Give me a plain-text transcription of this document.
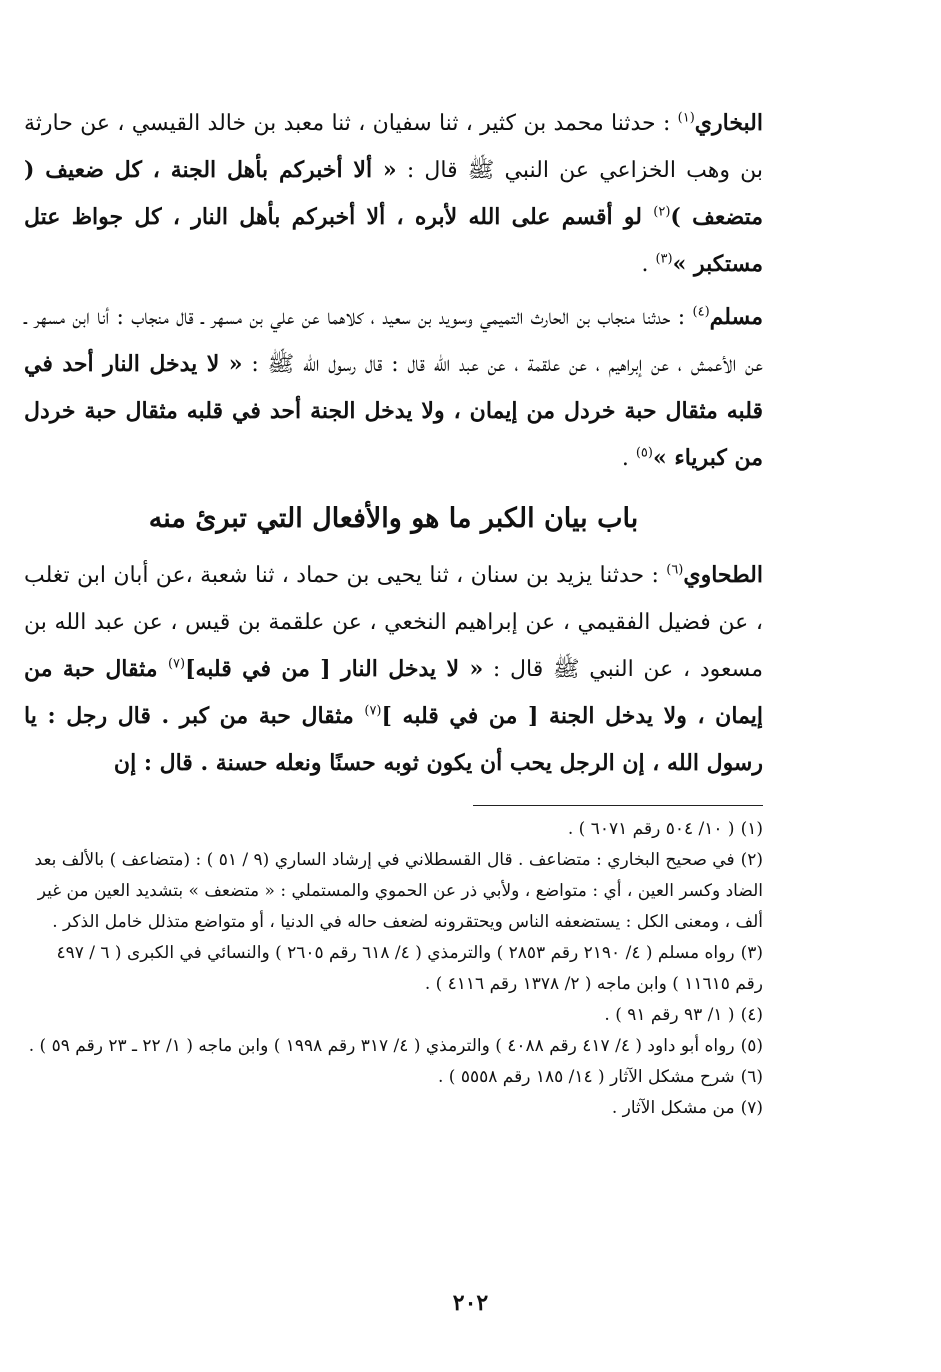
البخاري$^{(١)}$ : حدثنا محمد بن كثير ، ثنا سفيان ، ثنا معبد بن خالد القيسي ، عن حارثة بن وهب الخزاعي عن النبي ﷺ قال : « ألا أخبركم بأهل الجنة ، كل ضعيف ( متضعف )$^{(٢)}$ لو أقسم على الله لأبره ، ألا أخبركم بأهل النار ، كل جواظ عتل مستكبر »$^{(٣)}$ .

مسلم$^{(٤)}$ : حدثنا منجاب بن الحارث التميمي وسويد بن سعيد ، كلاهما عن علي بن مسهر ـ قال منجاب : أنا ابن مسهر ـ عن الأعمش ، عن إبراهيم ، عن علقمة ، عن عبد الله قال : قال رسول الله ﷺ : « لا يدخل النار أحد في قلبه مثقال حبة خردل من إيمان ، ولا يدخل الجنة أحد في قلبه مثقال حبة خردل من كبرياء »$^{(٥)}$ .

باب بيان الكبر ما هو والأفعال التي تبرئ منه

الطحاوي$^{(٦)}$ : حدثنا يزيد بن سنان ، ثنا يحيى بن حماد ، ثنا شعبة ،عن أبان ابن تغلب ، عن فضيل الفقيمي ، عن إبراهيم النخعي ، عن علقمة بن قيس ، عن عبد الله بن مسعود ، عن النبي ﷺ قال : « لا يدخل النار [ من في قلبه]$^{(٧)}$ مثقال حبة من إيمان ، ولا يدخل الجنة [ من في قلبه ]$^{(٧)}$ مثقال حبة من كبر . قال رجل : يا رسول الله ، إن الرجل يحب أن يكون ثوبه حسنًا ونعله حسنة . قال : إن

(١)( ١٠/ ٥٠٤ رقم ٦٠٧١ ) .

(٢)في صحيح البخاري : متضاعف . قال القسطلاني في إرشاد الساري (٩ / ٥١ ) : (متضاعف ) بالألف بعد الضاد وكسر العين ، أي : متواضع ، ولأبي ذر عن الحموي والمستملي : « متضعف » بتشديد العين من غير ألف ، ومعنى الكل : يستضعفه الناس ويحتقرونه لضعف حاله في الدنيا ، أو متواضع متذلل خامل الذكر .

(٣)رواه مسلم ( ٤/ ٢١٩٠ رقم ٢٨٥٣ ) والترمذي ( ٤/ ٦١٨ رقم ٢٦٠٥ ) والنسائي في الكبرى ( ٦ / ٤٩٧ رقم ١١٦١٥ ) وابن ماجه ( ٢/ ١٣٧٨ رقم ٤١١٦ ) .

(٤)( ١/ ٩٣ رقم ٩١ ) .

(٥)رواه أبو داود ( ٤/ ٤١٧ رقم ٤٠٨٨ ) والترمذي ( ٤/ ٣١٧ رقم ١٩٩٨ ) وابن ماجه ( ١/ ٢٢ ـ ٢٣ رقم ٥٩ ) .

(٦)شرح مشكل الآثار ( ١٤/ ١٨٥ رقم ٥٥٥٨ ) .

(٧)من مشكل الآثار .

٢٠٢
